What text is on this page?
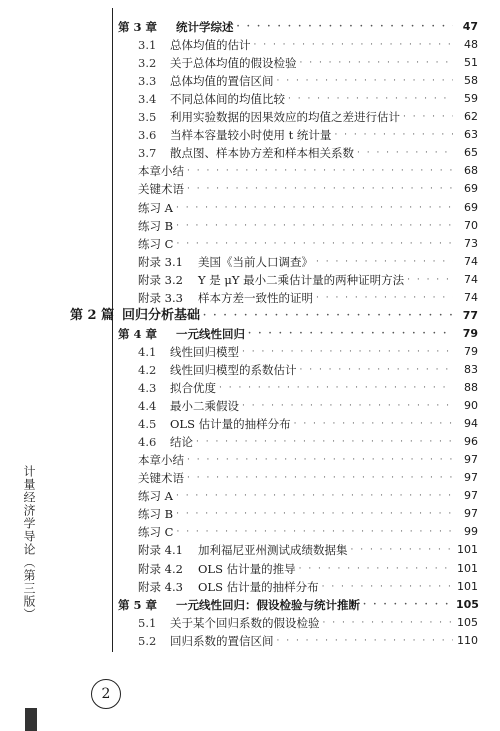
第 3 章	统计学综述 · · ·	47
3.1	总体均值的估计 · · ·	48
3.2	关于总体均值的假设检验 · · ·	51
3.3	总体均值的置信区间 · · ·	58
3.4	不同总体间的均值比较 · · ·	59
3.5	利用实验数据的因果效应的均值之差进行估计 · · ·	62
3.6	当样本容量较小时使用 t 统计量 · · ·	63
3.7	散点图、样本协方差和样本相关系数 · · ·	65
本章小结 · · ·	68
关键术语 · · ·	69
练习 A · · ·	69
练习 B · · ·	70
练习 C · · ·	73
附录 3.1	美国《当前人口调查》 · · ·	74
附录 3.2	Y 是 μY 最小二乘估计量的两种证明方法 · · ·	74
附录 3.3	样本方差一致性的证明 · · ·	74
第 2 篇 回归分析基础 · · ·	77
第 4 章	一元线性回归 · · ·	79
4.1	线性回归模型 · · ·	79
4.2	线性回归模型的系数估计 · · ·	83
4.3	拟合优度 · · ·	88
4.4	最小二乘假设 · · ·	90
4.5	OLS 估计量的抽样分布 · · ·	94
4.6	结论 · · ·	96
本章小结 · · ·	97
关键术语 · · ·	97
练习 A · · ·	97
练习 B · · ·	97
练习 C · · ·	99
附录 4.1	加利福尼亚州测试成绩数据集 · · ·	101
附录 4.2	OLS 估计量的推导 · · ·	101
附录 4.3	OLS 估计量的抽样分布 · · ·	101
第 5 章	一元线性回归：假设检验与统计推断 · · ·	105
5.1	关于某个回归系数的假设检验 · · ·	105
5.2	回归系数的置信区间 · · ·	110
计量经济学导论（第三版）
2
